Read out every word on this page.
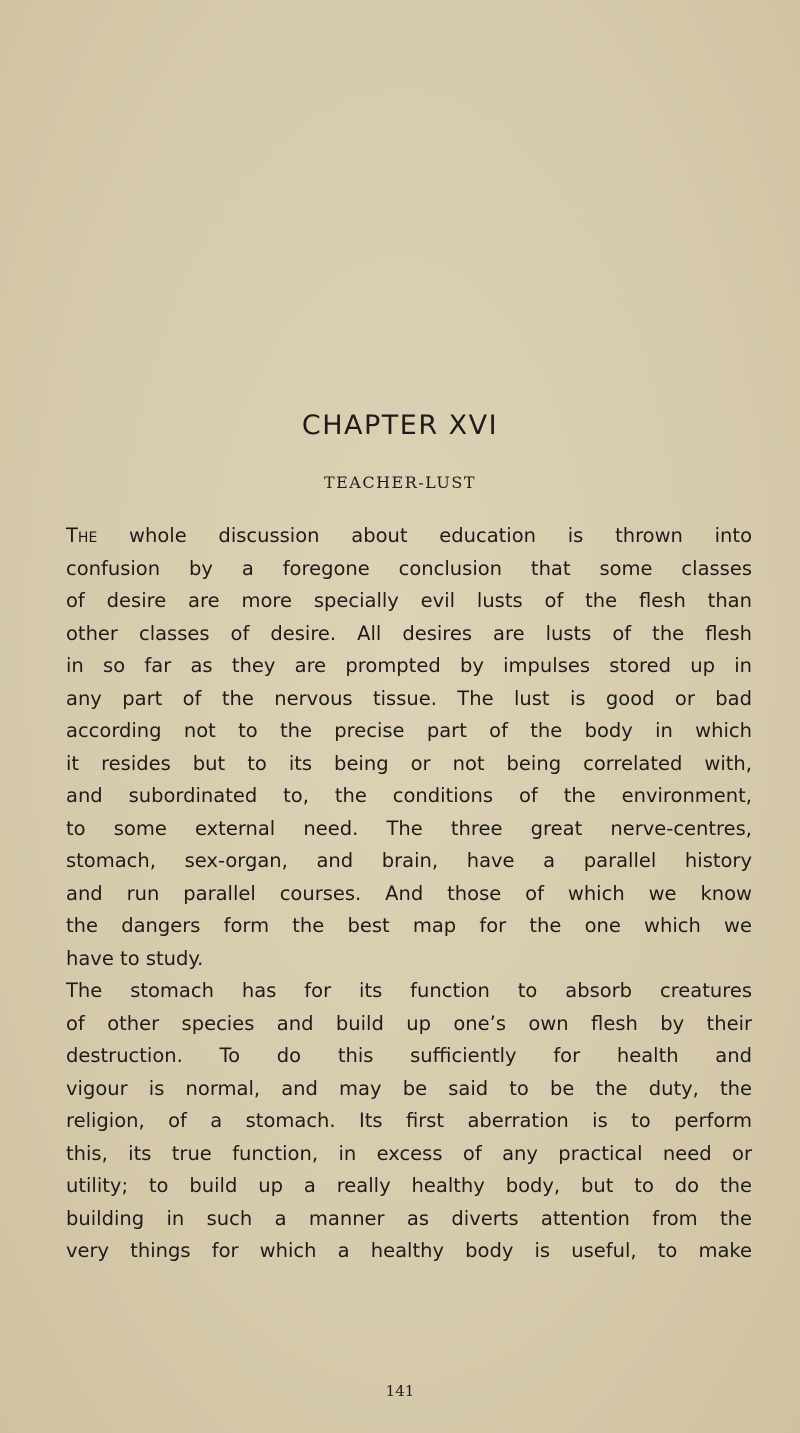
CHAPTER XVI
TEACHER-LUST
The whole discussion about education is thrown into
confusion by a foregone conclusion that some classes
of desire are more specially evil lusts of the flesh than
other classes of desire. All desires are lusts of the flesh
in so far as they are prompted by impulses stored up in
any part of the nervous tissue. The lust is good or bad
according not to the precise part of the body in which
it resides but to its being or not being correlated with,
and subordinated to, the conditions of the environment,
to some external need. The three great nerve-centres,
stomach, sex-organ, and brain, have a parallel history
and run parallel courses. And those of which we know
the dangers form the best map for the one which we
have to study.
The stomach has for its function to absorb creatures
of other species and build up one’s own flesh by their
destruction. To do this sufficiently for health and
vigour is normal, and may be said to be the duty, the
religion, of a stomach. Its first aberration is to perform
this, its true function, in excess of any practical need or
utility; to build up a really healthy body, but to do the
building in such a manner as diverts attention from the
very things for which a healthy body is useful, to make
141
